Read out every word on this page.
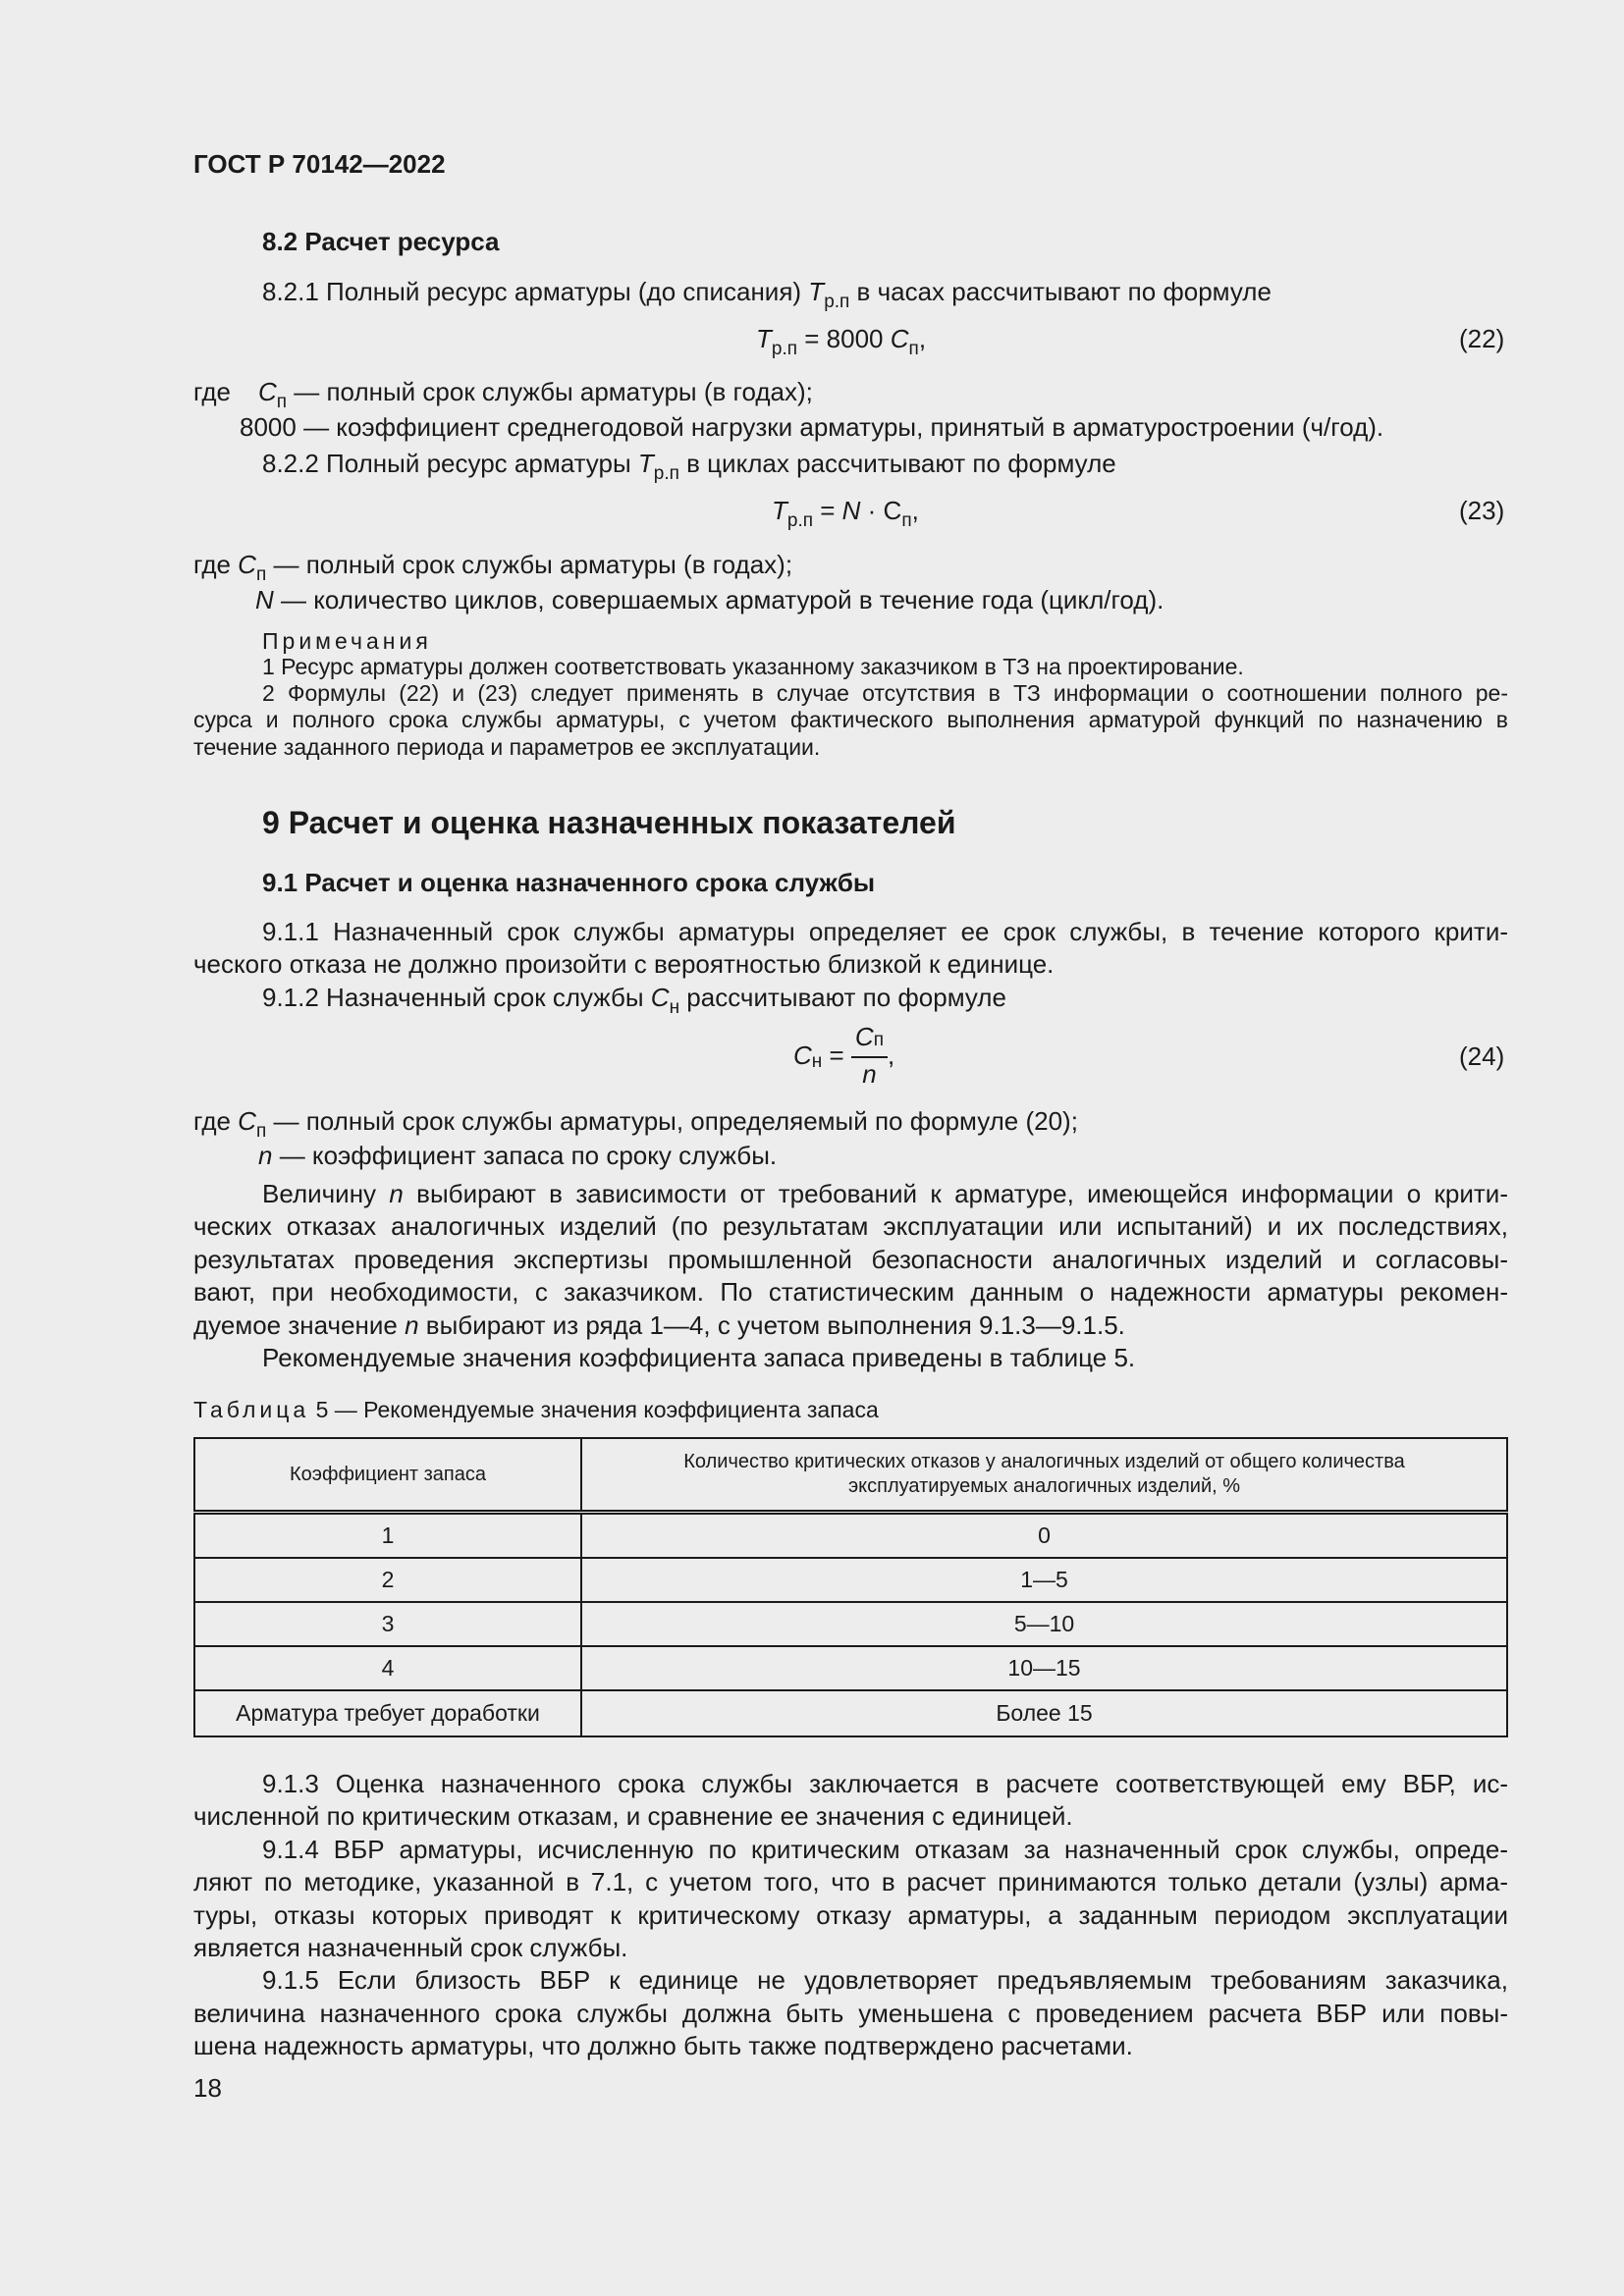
ГОСТ Р 70142—2022
8.2 Расчет ресурса
8.2.1 Полный ресурс арматуры (до списания) $T_{р.п}$ в часах рассчитывают по формуле
$T_{р.п} = 8000$ $C_п$,	(22)
где $C_п$ — полный срок службы арматуры (в годах);
8000 — коэффициент среднегодовой нагрузки арматуры, принятый в арматуростроении (ч/год).
8.2.2 Полный ресурс арматуры $T_{р.п}$ в циклах рассчитывают по формуле
$T_{р.п} = N \cdot C_п$,	(23)
где $C_п$ — полный срок службы арматуры (в годах);
N — количество циклов, совершаемых арматурой в течение года (цикл/год).
Примечания
1 Ресурс арматуры должен соответствовать указанному заказчиком в ТЗ на проектирование.
2 Формулы (22) и (23) следует применять в случае отсутствия в ТЗ информации о соотношении полного ре-
сурса и полного срока службы арматуры, с учетом фактического выполнения арматурой функций по назначению в
течение заданного периода и параметров ее эксплуатации.
9 Расчет и оценка назначенных показателей
9.1 Расчет и оценка назначенного срока службы
9.1.1 Назначенный срок службы арматуры определяет ее срок службы, в течение которого крити-
ческого отказа не должно произойти с вероятностью близкой к единице.
9.1.2 Назначенный срок службы $C_н$ рассчитывают по формуле
$C_н = \frac{Cп}{n}$ ,	(24)
где $C_п$ — полный срок службы арматуры, определяемый по формуле (20);
n — коэффициент запаса по сроку службы.
Величину n выбирают в зависимости от требований к арматуре, имеющейся информации о крити-
ческих отказах аналогичных изделий (по результатам эксплуатации или испытаний) и их последствиях,
результатах проведения экспертизы промышленной безопасности аналогичных изделий и согласовы-
вают, при необходимости, с заказчиком. По статистическим данным о надежности арматуры рекомен-
дуемое значение n выбирают из ряда 1—4, с учетом выполнения 9.1.3—9.1.5.
Рекомендуемые значения коэффициента запаса приведены в таблице 5.
Таблица 5 — Рекомендуемые значения коэффициента запаса
Коэффициент запаса	Количество критических отказов у аналогичных изделий от общего количества
эксплуатируемых аналогичных изделий, %
1	0
2	1—5
3	5—10
4	10—15
Арматура требует доработки	Более 15
9.1.3 Оценка назначенного срока службы заключается в расчете соответствующей ему ВБР, ис-
численной по критическим отказам, и сравнение ее значения с единицей.
9.1.4 ВБР арматуры, исчисленную по критическим отказам за назначенный срок службы, опреде-
ляют по методике, указанной в 7.1, с учетом того, что в расчет принимаются только детали (узлы) арма-
туры, отказы которых приводят к критическому отказу арматуры, а заданным периодом эксплуатации
является назначенный срок службы.
9.1.5 Если близость ВБР к единице не удовлетворяет предъявляемым требованиям заказчика,
величина назначенного срока службы должна быть уменьшена с проведением расчета ВБР или повы-
шена надежность арматуры, что должно быть также подтверждено расчетами.
18
